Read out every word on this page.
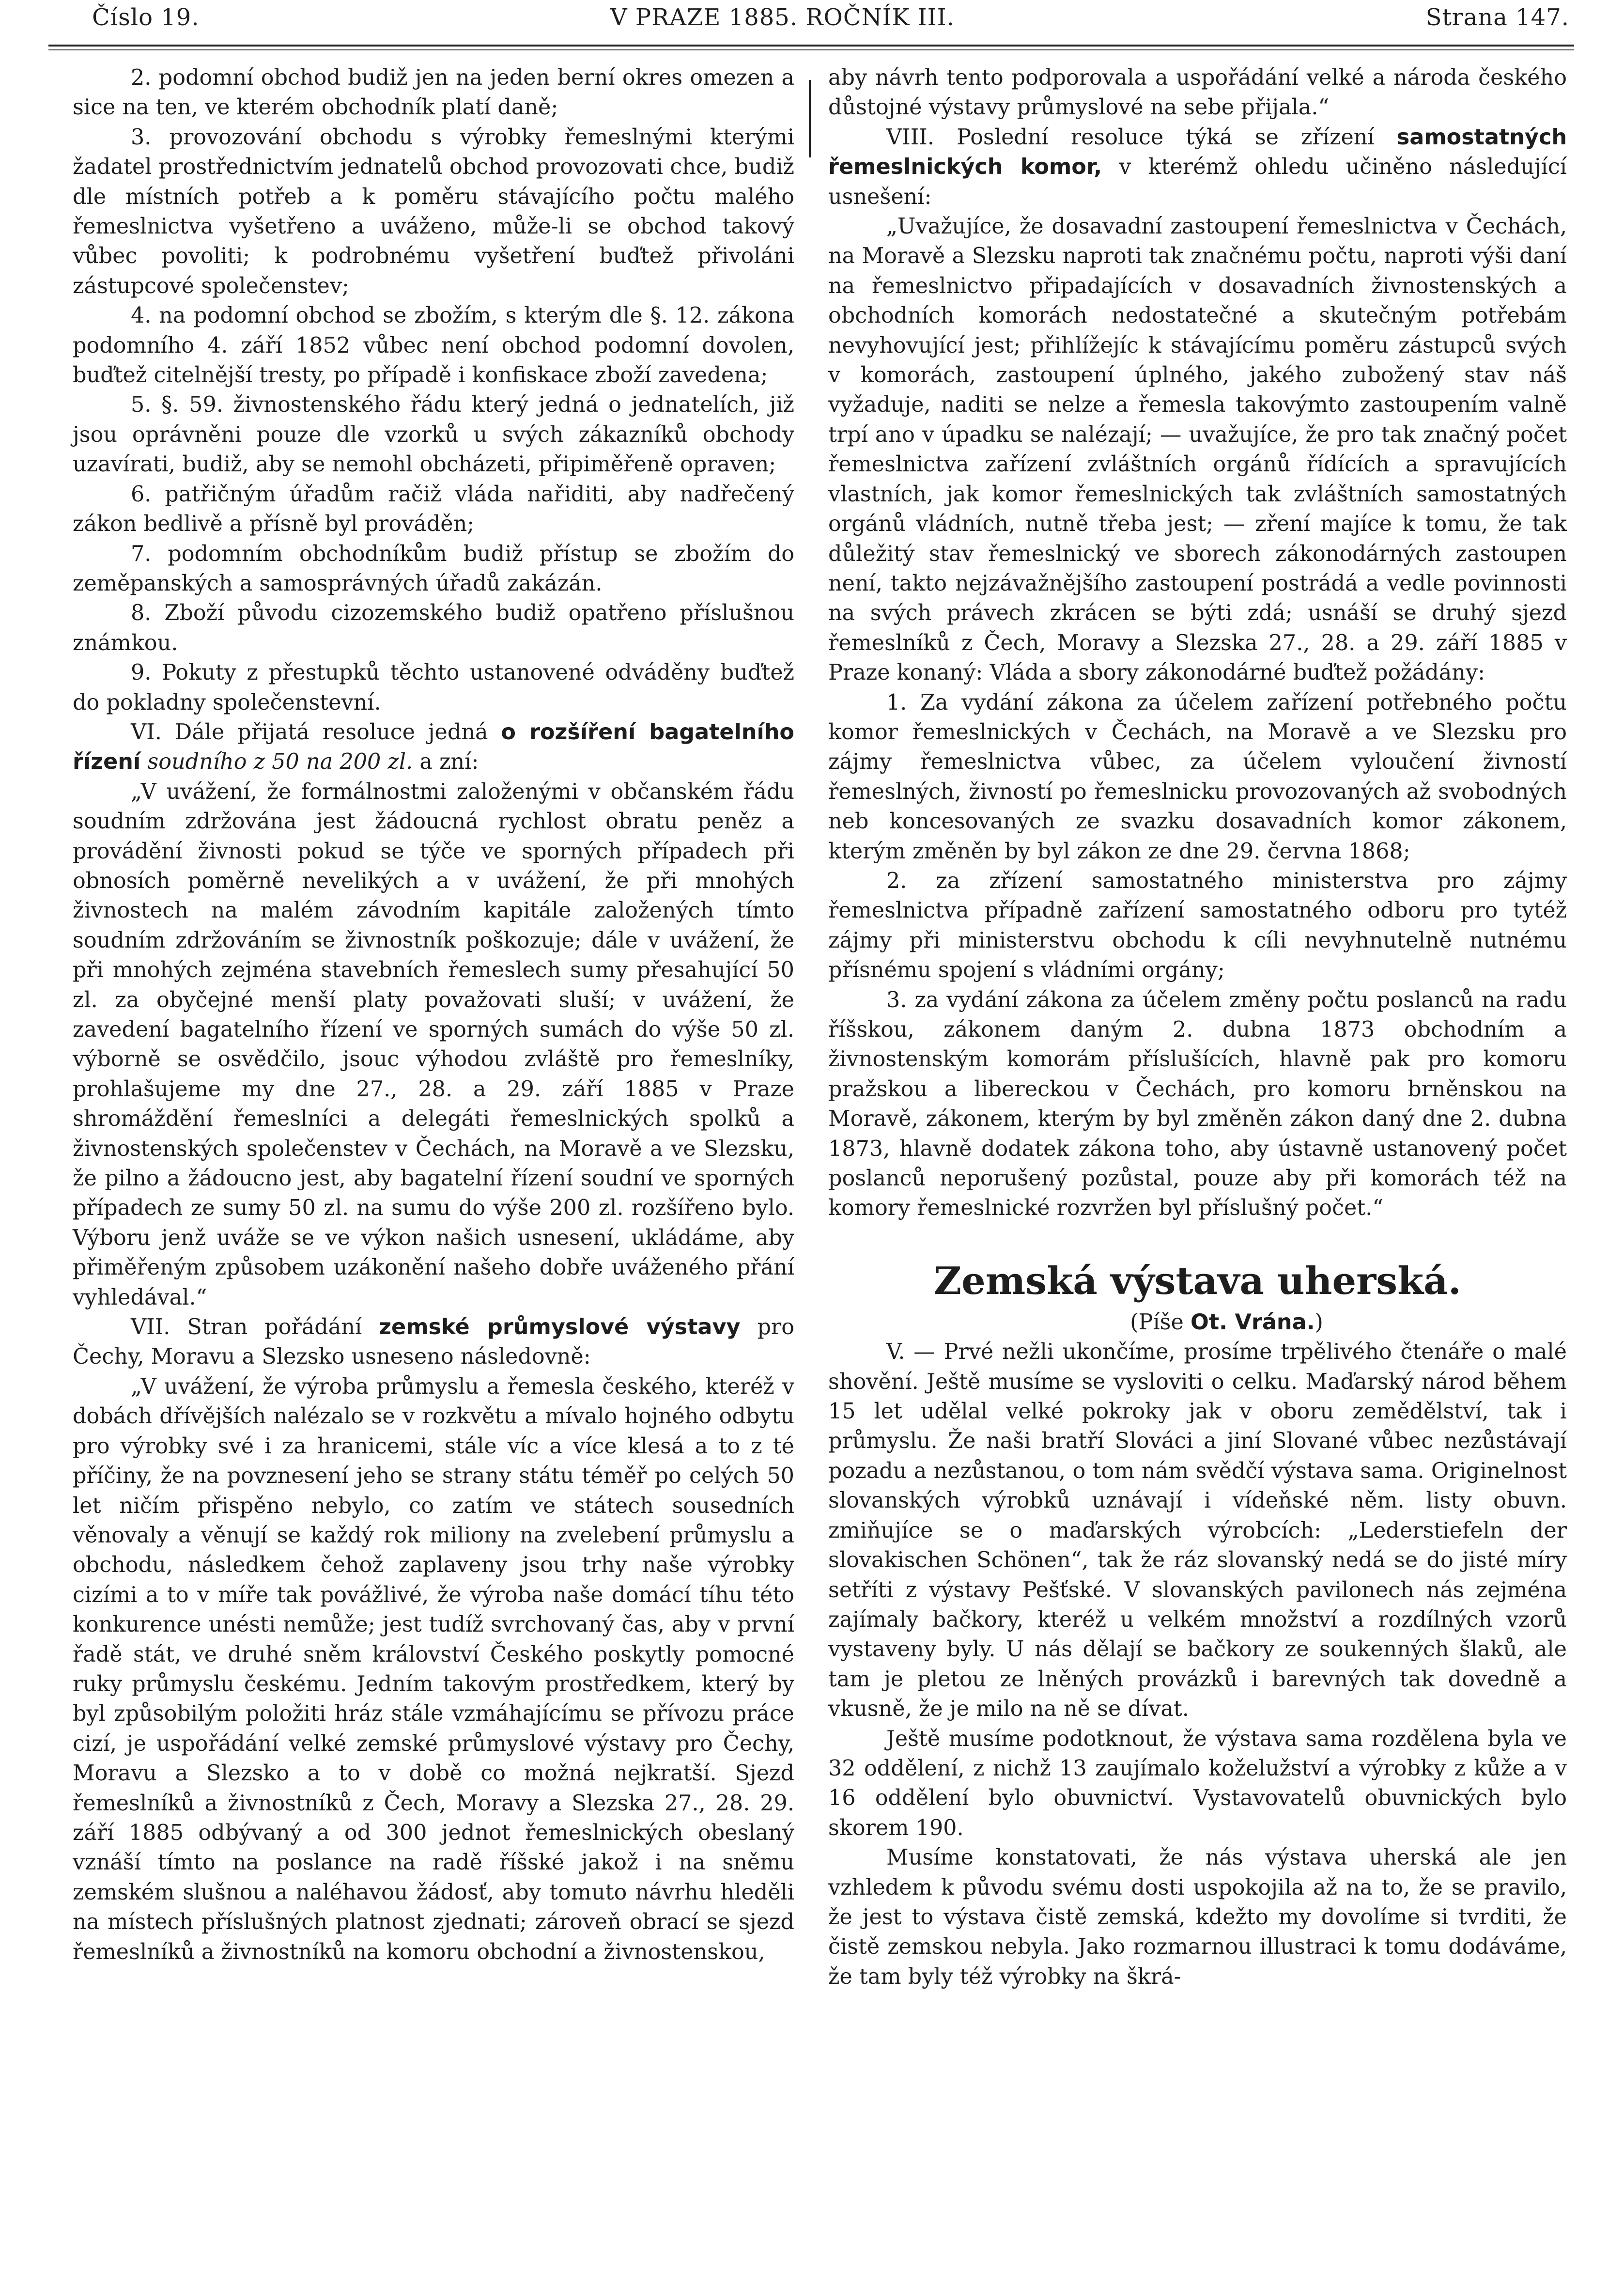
Číslo 19.	V PRAZE 1885. ROČNÍK III.	Strana 147.

2. podomní obchod budiž jen na jeden berní okres omezen a sice na ten, ve kterém obchodník platí daně;

3. provozování obchodu s výrobky řemeslnými kterými žadatel prostřednictvím jednatelů obchod provozovati chce, budiž dle místních potřeb a k poměru stávajícího počtu malého řemeslnictva vyšetřeno a uváženo, může-li se obchod takový vůbec povoliti; k podrobnému vyšetření buďtež přivoláni zástupcové společenstev;

4. na podomní obchod se zbožím, s kterým dle §. 12. zákona podomního 4. září 1852 vůbec není obchod podomní dovolen, buďtež citelnější tresty, po případě i konfiskace zboží zavedena;

5. §. 59. živnostenského řádu který jedná o jednatelích, již jsou oprávněni pouze dle vzorků u svých zákazníků obchody uzavírati, budiž, aby se nemohl obcházeti, připiměřeně opraven;

6. patřičným úřadům račiž vláda nařiditi, aby nadřečený zákon bedlivě a přísně byl prováděn;

7. podomním obchodníkům budiž přístup se zbožím do zeměpanských a samosprávných úřadů zakázán.

8. Zboží původu cizozemského budiž opatřeno příslušnou známkou.

9. Pokuty z přestupků těchto ustanovené odváděny buďtež do pokladny společenstevní.

VI. Dále přijatá resoluce jedná o rozšíření bagatelního řízení soudního z 50 na 200 zl. a zní:

„V uvážení, že formálnostmi založenými v občanském řádu soudním zdržována jest žádoucná rychlost obratu peněz a provádění živnosti pokud se týče ve sporných případech při obnosích poměrně nevelikých a v uvážení, že při mnohých živnostech na malém závodním kapitále založených tímto soudním zdržováním se živnostník poškozuje; dále v uvážení, že při mnohých zejména stavebních řemeslech sumy přesahující 50 zl. za obyčejné menší platy považovati sluší; v uvážení, že zavedení bagatelního řízení ve sporných sumách do výše 50 zl. výborně se osvědčilo, jsouc výhodou zvláště pro řemeslníky, prohlašujeme my dne 27., 28. a 29. září 1885 v Praze shromáždění řemeslníci a delegáti řemeslnických spolků a živnostenských společenstev v Čechách, na Moravě a ve Slezsku, že pilno a žádoucno jest, aby bagatelní řízení soudní ve sporných případech ze sumy 50 zl. na sumu do výše 200 zl. rozšířeno bylo. Výboru jenž uváže se ve výkon našich usnesení, ukládáme, aby přiměřeným způsobem uzákonění našeho dobře uváženého přání vyhledával.“

VII. Stran pořádání zemské průmyslové výstavy pro Čechy, Moravu a Slezsko usneseno následovně:

„V uvážení, že výroba průmyslu a řemesla českého, kteréž v dobách dřívějších nalézalo se v rozkvětu a mívalo hojného odbytu pro výrobky své i za hranicemi, stále víc a více klesá a to z té příčiny, že na povznesení jeho se strany státu téměř po celých 50 let ničím přispěno nebylo, co zatím ve státech sousedních věnovaly a věnují se každý rok miliony na zvelebení průmyslu a obchodu, následkem čehož zaplaveny jsou trhy naše výrobky cizími a to v míře tak povážlivé, že výroba naše domácí tíhu této konkurence unésti nemůže; jest tudíž svrchovaný čas, aby v první řadě stát, ve druhé sněm království Českého poskytly pomocné ruky průmyslu českému. Jedním takovým prostředkem, který by byl způsobilým položiti hráz stále vzmáhajícímu se přívozu práce cizí, je uspořádání velké zemské průmyslové výstavy pro Čechy, Moravu a Slezsko a to v době co možná nejkratší. Sjezd řemeslníků a živnostníků z Čech, Moravy a Slezska 27., 28. 29. září 1885 odbývaný a od 300 jednot řemeslnických obeslaný vznáší tímto na poslance na radě říšské jakož i na sněmu zemském slušnou a naléhavou žádosť, aby tomuto návrhu hleděli na místech příslušných platnost zjednati; zároveň obrací se sjezd řemeslníků a živnostníků na komoru obchodní a živnostenskou,

aby návrh tento podporovala a uspořádání velké a národa českého důstojné výstavy průmyslové na sebe přijala.“

VIII. Poslední resoluce týká se zřízení samostatných řemeslnických komor, v kterémž ohledu učiněno následující usnešení:

„Uvažujíce, že dosavadní zastoupení řemeslnictva v Čechách, na Moravě a Slezsku naproti tak značnému počtu, naproti výši daní na řemeslnictvo připadajících v dosavadních živnostenských a obchodních komorách nedostatečné a skutečným potřebám nevyhovující jest; přihlížejíc k stávajícímu poměru zástupců svých v komorách, zastoupení úplného, jakého zubožený stav náš vyžaduje, naditi se nelze a řemesla takovýmto zastoupením valně trpí ano v úpadku se nalézají; — uvažujíce, že pro tak značný počet řemeslnictva zařízení zvláštních orgánů řídících a spravujících vlastních, jak komor řemeslnických tak zvláštních samostatných orgánů vládních, nutně třeba jest; — zření majíce k tomu, že tak důležitý stav řemeslnický ve sborech zákonodárných zastoupen není, takto nejzávažnějšího zastoupení postrádá a vedle povinnosti na svých právech zkrácen se býti zdá; usnáší se druhý sjezd řemeslníků z Čech, Moravy a Slezska 27., 28. a 29. září 1885 v Praze konaný: Vláda a sbory zákonodárné buďtež požádány:

1. Za vydání zákona za účelem zařízení potřebného počtu komor řemeslnických v Čechách, na Moravě a ve Slezsku pro zájmy řemeslnictva vůbec, za účelem vyloučení živností řemeslných, živností po řemeslnicku provozovaných až svobodných neb koncesovaných ze svazku dosavadních komor zákonem, kterým změněn by byl zákon ze dne 29. června 1868;

2. za zřízení samostatného ministerstva pro zájmy řemeslnictva případně zařízení samostatného odboru pro tytéž zájmy při ministerstvu obchodu k cíli nevyhnutelně nutnému přísnému spojení s vládními orgány;

3. za vydání zákona za účelem změny počtu poslanců na radu říšskou, zákonem daným 2. dubna 1873 obchodním a živnostenským komorám příslušících, hlavně pak pro komoru pražskou a libereckou v Čechách, pro komoru brněnskou na Moravě, zákonem, kterým by byl změněn zákon daný dne 2. dubna 1873, hlavně dodatek zákona toho, aby ústavně ustanovený počet poslanců neporušený pozůstal, pouze aby při komorách též na komory řemeslnické rozvržen byl příslušný počet.“

Zemská výstava uherská.

(Píše Ot. Vrána.)

V. — Prvé nežli ukončíme, prosíme trpělivého čtenáře o malé shovění. Ještě musíme se vysloviti o celku. Maďarský národ během 15 let udělal velké pokroky jak v oboru zemědělství, tak i průmyslu. Že naši bratří Slováci a jiní Slované vůbec nezůstávají pozadu a nezůstanou, o tom nám svědčí výstava sama. Originelnost slovanských výrobků uznávají i vídeňské něm. listy obuvn. zmiňujíce se o maďarských výrobcích: „Lederstiefeln der slovakischen Schönen“, tak že ráz slovanský nedá se do jisté míry setříti z výstavy Pešťské. V slovanských pavilonech nás zejména zajímaly bačkory, kteréž u velkém množství a rozdílných vzorů vystaveny byly. U nás dělají se bačkory ze soukenných šlaků, ale tam je pletou ze lněných provázků i barevných tak dovedně a vkusně, že je milo na ně se dívat.

Ještě musíme podotknout, že výstava sama rozdělena byla ve 32 oddělení, z nichž 13 zaujímalo koželužství a výrobky z kůže a v 16 oddělení bylo obuvnictví. Vystavovatelů obuvnických bylo skorem 190.

Musíme konstatovati, že nás výstava uherská ale jen vzhledem k původu svému dosti uspokojila až na to, že se pravilo, že jest to výstava čistě zemská, kdežto my dovolíme si tvrditi, že čistě zemskou nebyla. Jako rozmarnou illustraci k tomu dodáváme, že tam byly též výrobky na škrá-
